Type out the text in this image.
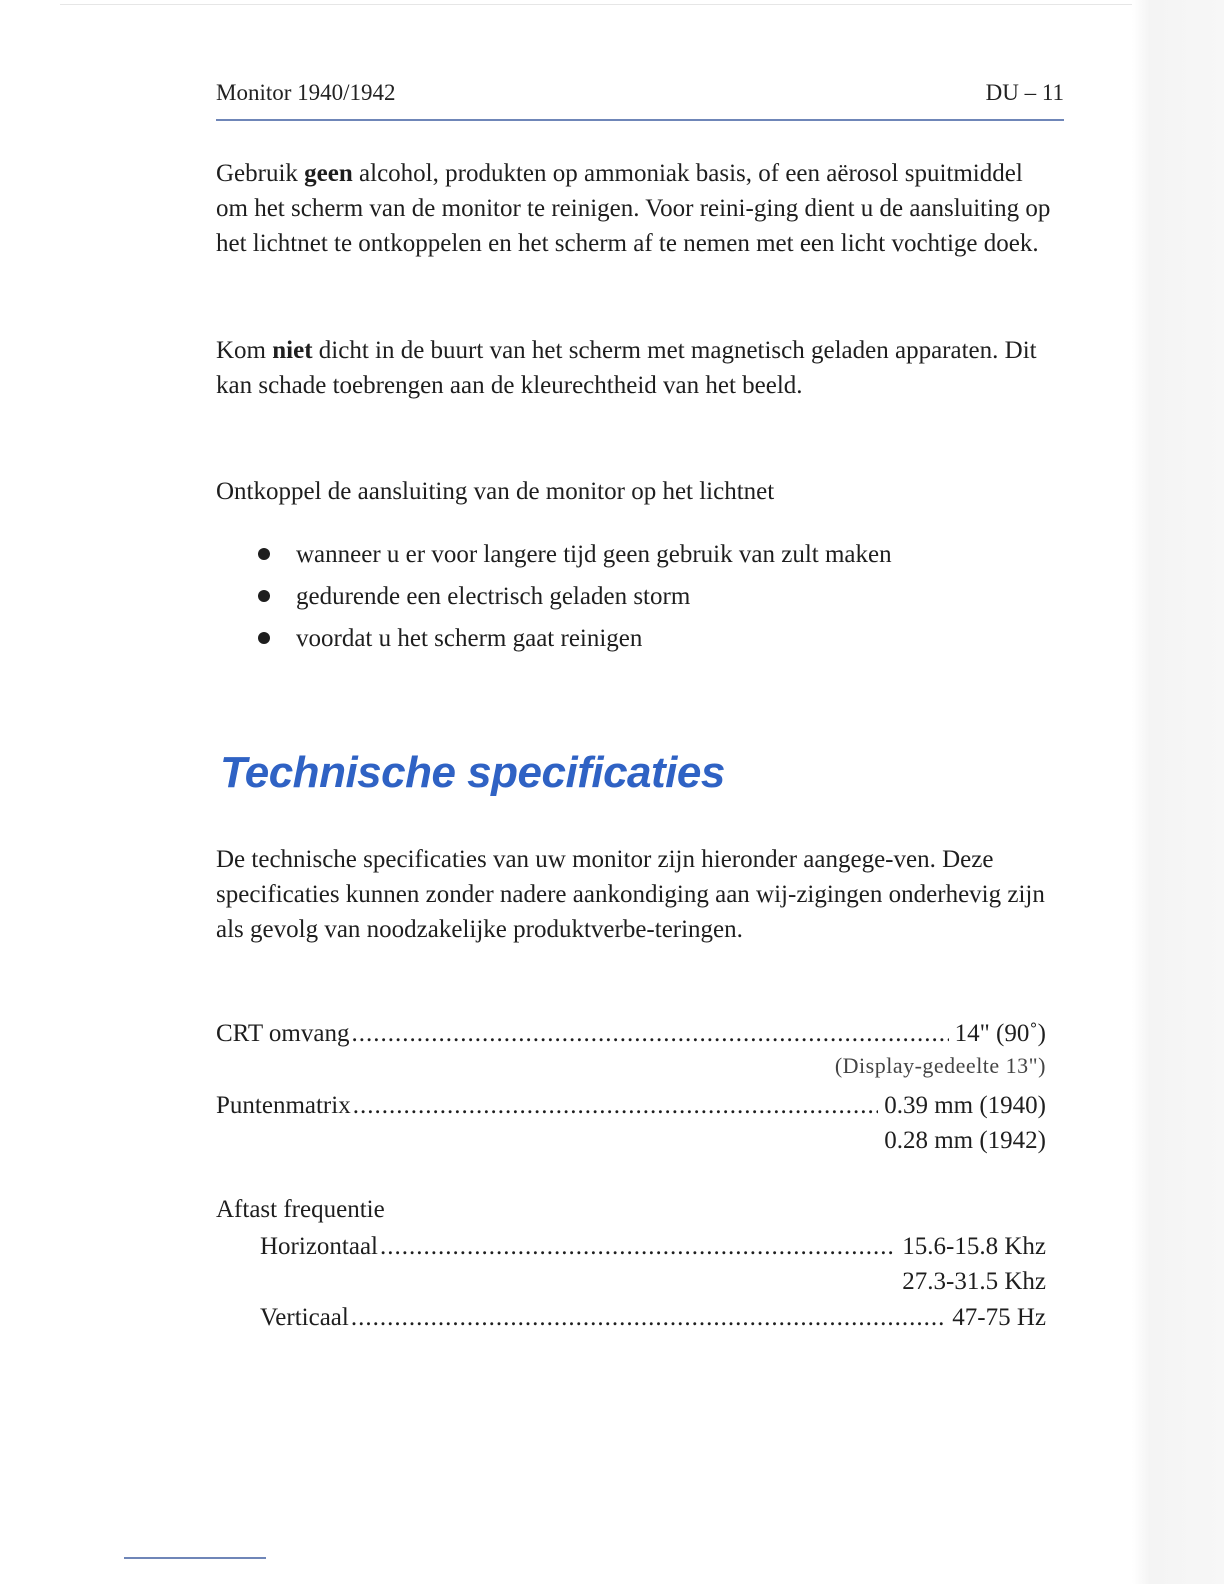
Monitor 1940/1942	DU – 11

Gebruik geen alcohol, produkten op ammoniak basis, of een aërosol spuitmiddel om het scherm van de monitor te reinigen. Voor reini-ging dient u de aansluiting op het lichtnet te ontkoppelen en het scherm af te nemen met een licht vochtige doek.

Kom niet dicht in de buurt van het scherm met magnetisch geladen apparaten. Dit kan schade toebrengen aan de kleurechtheid van het beeld.

Ontkoppel de aansluiting van de monitor op het lichtnet

wanneer u er voor langere tijd geen gebruik van zult maken
gedurende een electrisch geladen storm
voordat u het scherm gaat reinigen
Technische specificaties

De technische specificaties van uw monitor zijn hieronder aangege-ven. Deze specificaties kunnen zonder nadere aankondiging aan wij-zigingen onderhevig zijn als gevolg van noodzakelijke produktverbe-teringen.

CRT omvang .....	14" (90˚)
(Display-gedeelte 13")
Puntenmatrix .....	0.39 mm (1940)
0.28 mm (1942)
Aftast frequentie
Horizontaal .....	15.6-15.8 Khz
27.3-31.5 Khz
Verticaal .....	47-75 Hz
